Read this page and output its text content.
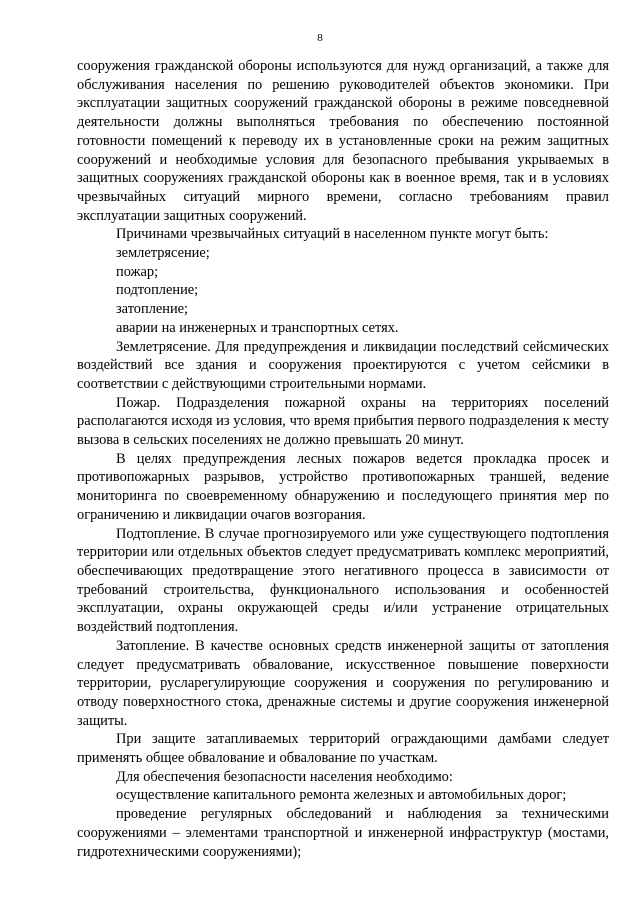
8

сооружения гражданской обороны используются для нужд организаций, а также для обслуживания населения по решению руководителей объектов экономики. При эксплуатации защитных сооружений гражданской обороны в режиме повседневной деятельности должны выполняться требования по обеспечению постоянной готовности помещений к переводу их в установленные сроки на режим защитных сооружений и необходимые условия для безопасного пребывания укрываемых в защитных сооружениях гражданской обороны как в военное время, так и в условиях чрезвычайных ситуаций мирного времени, согласно требованиям правил эксплуатации защитных сооружений.

Причинами чрезвычайных ситуаций в населенном пункте могут быть:

землетрясение;

пожар;

подтопление;

затопление;

аварии на инженерных и транспортных сетях.

Землетрясение. Для предупреждения и ликвидации последствий сейсмических воздействий все здания и сооружения проектируются с учетом сейсмики в соответствии с действующими строительными нормами.

Пожар. Подразделения пожарной охраны на территориях поселений располагаются исходя из условия, что время прибытия первого подразделения к месту вызова в сельских поселениях не должно превышать 20 минут.

В целях предупреждения лесных пожаров ведется прокладка просек и противопожарных разрывов, устройство противопожарных траншей, ведение мониторинга по своевременному обнаружению и последующего принятия мер по ограничению и ликвидации очагов возгорания.

Подтопление. В случае прогнозируемого или уже существующего подтопления территории или отдельных объектов следует предусматривать комплекс мероприятий, обеспечивающих предотвращение этого негативного процесса в зависимости от требований строительства, функционального использования и особенностей эксплуатации, охраны окружающей среды и/или устранение отрицательных воздействий подтопления.

Затопление. В качестве основных средств инженерной защиты от затопления следует предусматривать обвалование, искусственное повышение поверхности территории, русларегулирующие сооружения и сооружения по регулированию и отводу поверхностного стока, дренажные системы и другие сооружения инженерной защиты.

При защите затапливаемых территорий ограждающими дамбами следует применять общее обвалование и обвалование по участкам.

Для обеспечения безопасности населения необходимо:

осуществление капитального ремонта железных и автомобильных дорог;

проведение регулярных обследований и наблюдения за техническими сооружениями – элементами транспортной и инженерной инфраструктур (мостами, гидротехническими сооружениями);
